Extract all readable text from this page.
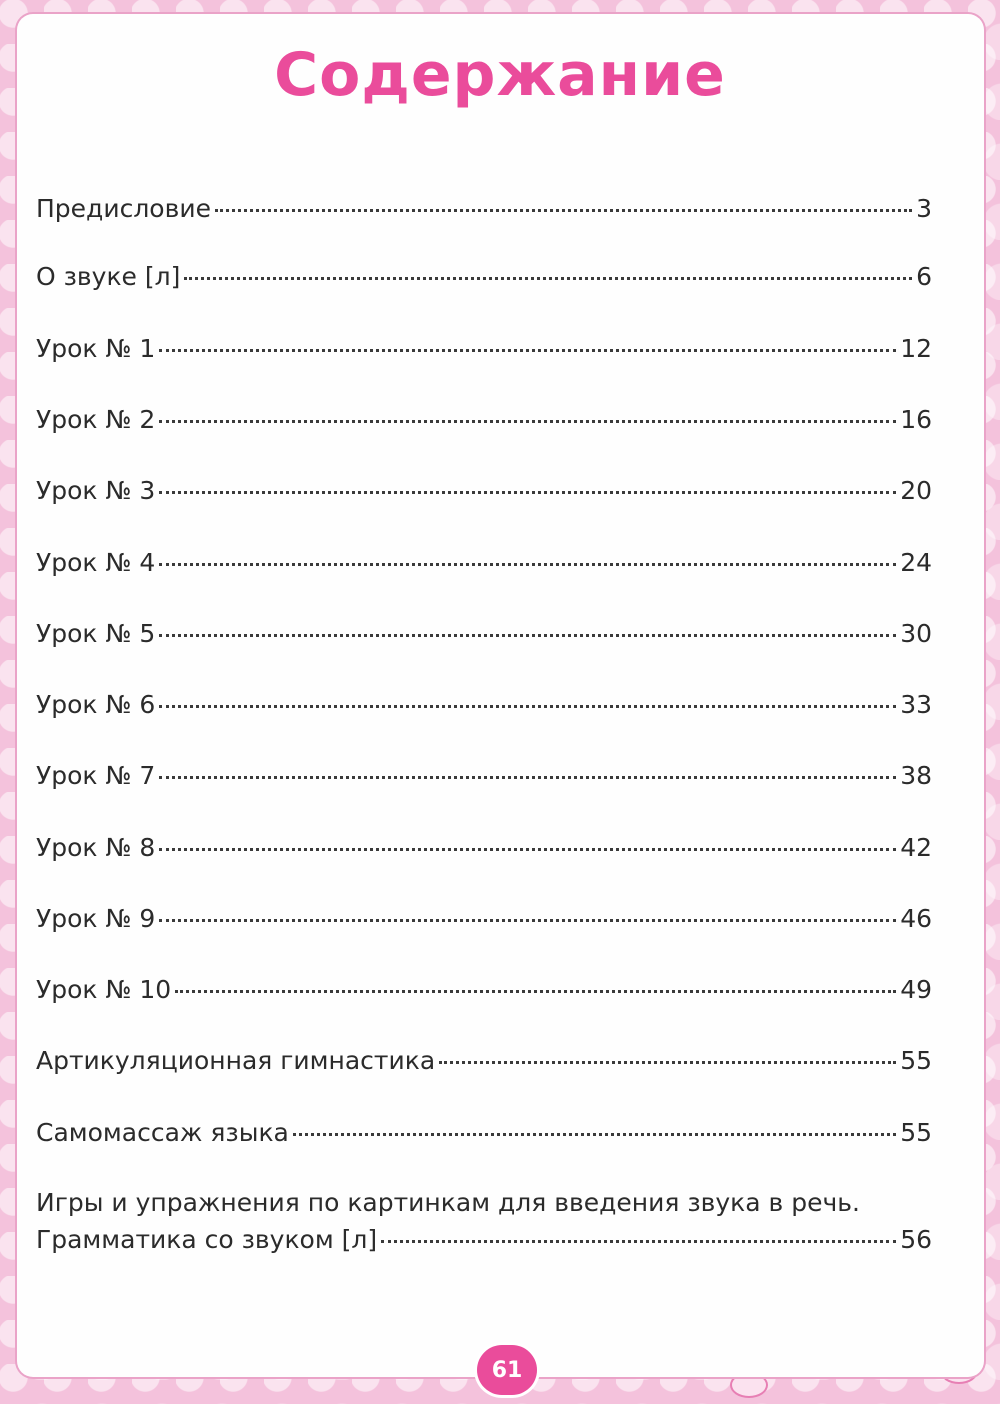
Содержание
Предисловие	3
О звуке [л]	6
Урок № 1	12
Урок № 2	16
Урок № 3	20
Урок № 4	24
Урок № 5	30
Урок № 6	33
Урок № 7	38
Урок № 8	42
Урок № 9	46
Урок № 10	49
Артикуляционная гимнастика	55
Самомассаж языка	55
Игры и упражнения по картинкам для введения звука в речь.
Грамматика со звуком [л]	56
61
